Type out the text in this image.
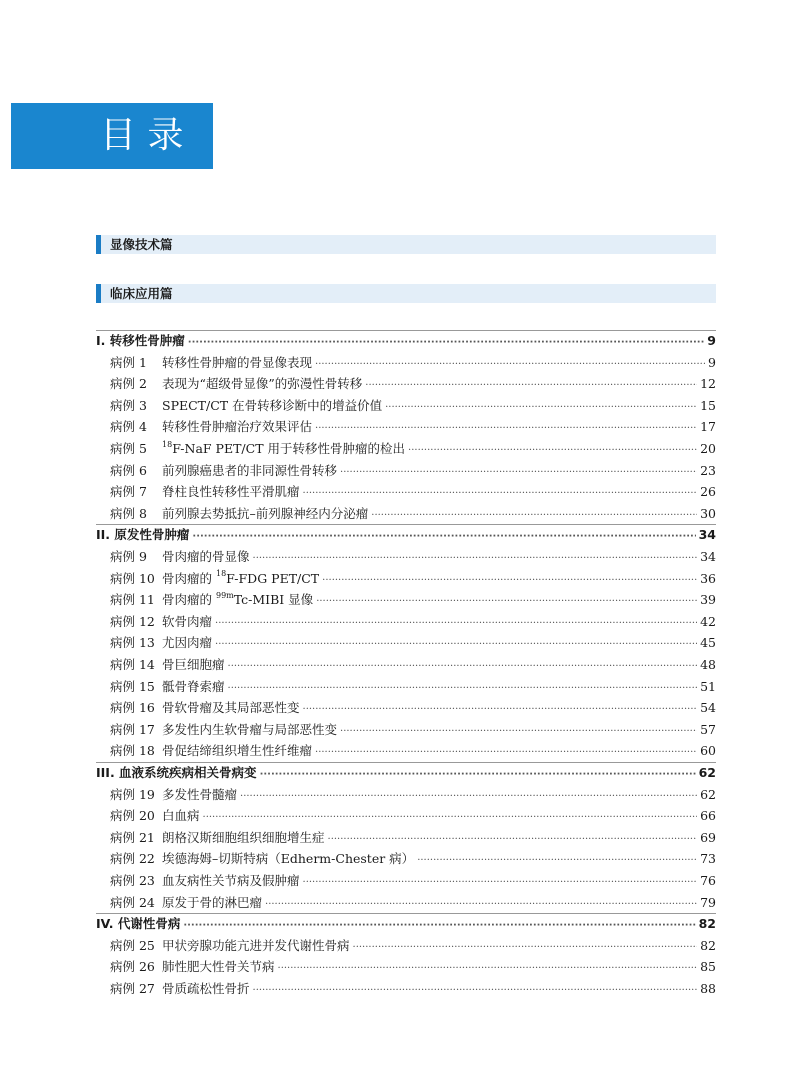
目 录
显像技术篇
临床应用篇
I. 转移性骨肿瘤 ·····	9
病例 1	转移性骨肿瘤的骨显像表现 ·····	9
病例 2	表现为“超级骨显像”的弥漫性骨转移 ·····	12
病例 3	SPECT/CT 在骨转移诊断中的增益价值 ·····	15
病例 4	转移性骨肿瘤治疗效果评估 ·····	17
病例 5	$^{18}$F-NaF PET/CT 用于转移性骨肿瘤的检出 ·····	20
病例 6	前列腺癌患者的非同源性骨转移 ·····	23
病例 7	脊柱良性转移性平滑肌瘤 ·····	26
病例 8	前列腺去势抵抗–前列腺神经内分泌瘤 ·····	30
II. 原发性骨肿瘤 ·····	34
病例 9	骨肉瘤的骨显像 ·····	34
病例 10 骨肉瘤的 $^{18}$F-FDG PET/CT ·····	36
病例 11 骨肉瘤的 $^{99m}$Tc-MIBI 显像 ·····	39
病例 12 软骨肉瘤 ·····	42
病例 13 尤因肉瘤 ·····	45
病例 14 骨巨细胞瘤 ·····	48
病例 15 骶骨脊索瘤 ·····	51
病例 16 骨软骨瘤及其局部恶性变 ·····	54
病例 17 多发性内生软骨瘤与局部恶性变 ·····	57
病例 18 骨促结缔组织增生性纤维瘤 ·····	60
III. 血液系统疾病相关骨病变 ·····	62
病例 19 多发性骨髓瘤 ·····	62
病例 20 白血病 ·····	66
病例 21 朗格汉斯细胞组织细胞增生症 ·····	69
病例 22 埃德海姆–切斯特病（Edherm-Chester 病） ·····	73
病例 23 血友病性关节病及假肿瘤 ·····	76
病例 24 原发于骨的淋巴瘤 ·····	79
IV. 代谢性骨病 ·····	82
病例 25 甲状旁腺功能亢进并发代谢性骨病 ·····	82
病例 26 肺性肥大性骨关节病 ·····	85
病例 27 骨质疏松性骨折 ·····	88
